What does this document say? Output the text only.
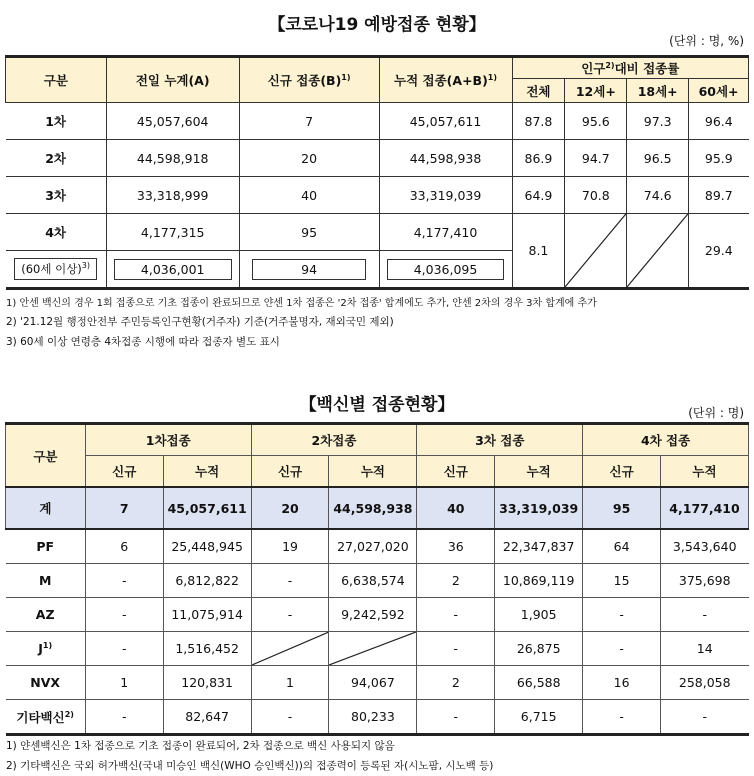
【코로나19 예방접종 현황】
(단위 : 명, %)
구분	전일 누계(A)	신규 접종$(B)^{1)}$	누적 접종$(A+B)^{1)}$	인구$^{2)}$대비 접종률			
				전체	12세+	18세+	60세+
1차	45,057,604	7	45,057,611	87.8	95.6	97.3	96.4
2차	44,598,918	20	44,598,938	86.9	94.7	96.5	95.9
3차	33,318,999	40	33,319,039	64.9	70.8	74.6	89.7
4차	4,177,315	95	4,177,410	8.1			29.4
(60세 이상)$^{3)}$	4,036,001	94	4,036,095				
1) 안센 백신의 경우 1회 접종으로 기초 접종이 완료되므로 얀센 1차 접종은 '2차 접종' 합계에도 추가, 얀센 2차의 경우 3차 합계에 추가
2) '21.12월 행정안전부 주민등록인구현황(거주자) 기준(거주불명자, 재외국민 제외)
3) 60세 이상 연령층 4차접종 시행에 따라 접종자 별도 표시
【백신별 접종현황】	(단위 : 명)
구분	1차접종		2차접종		3차 접종		4차 접종	
	신규	누적	신규	누적	신규	누적	신규	누적
계	7	45,057,611	20	44,598,938	40	33,319,039	95	4,177,410
PF	6	25,448,945	19	27,027,020	36	22,347,837	64	3,543,640
M	-	6,812,822	-	6,638,574	2	10,869,119	15	375,698
AZ	-	11,075,914	-	9,242,592	-	1,905	-	-
$J^{1)}$	-	1,516,452			-	26,875	-	14
NVX	1	120,831	1	94,067	2	66,588	16	258,058
기타백신$^{2)}$	-	82,647	-	80,233	-	6,715	-	-
1) 얀센백신은 1차 접종으로 기초 접종이 완료되어, 2차 접종으로 백신 사용되지 않음
2) 기타백신은 국외 허가백신(국내 미승인 백신(WHO 승인백신))의 접종력이 등록된 자(시노팜, 시노백 등)
